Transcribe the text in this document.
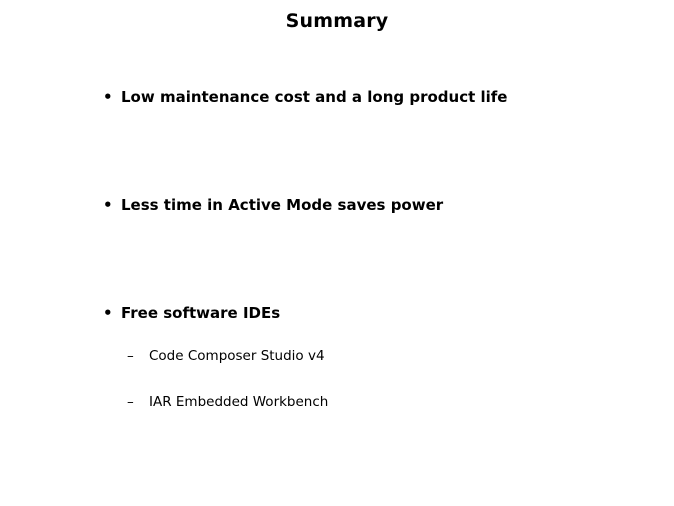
Summary
• Low maintenance cost and a long product life
• Less time in Active Mode saves power
• Free software IDEs
– Code Composer Studio v4
– IAR Embedded Workbench
